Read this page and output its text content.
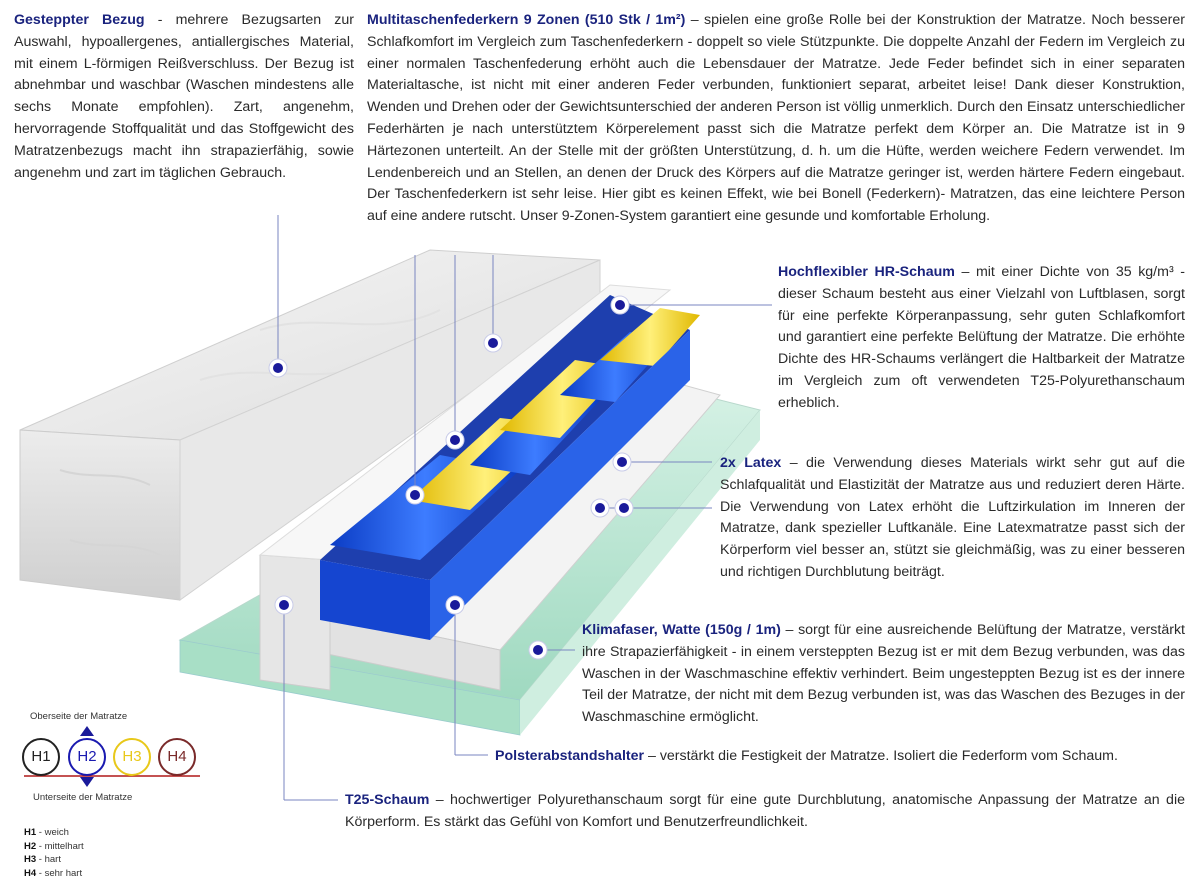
Gesteppter Bezug - mehrere Bezugsarten zur Auswahl, hypoallergenes, antiallergisches Material, mit einem L-förmigen Reißverschluss. Der Bezug ist abnehmbar und waschbar (Waschen mindestens alle sechs Monate empfohlen). Zart, angenehm, hervorragende Stoffqualität und das Stoffgewicht des Matratzenbezugs macht ihn strapazierfähig, sowie angenehm und zart im täglichen Gebrauch.
Multitaschenfederkern 9 Zonen (510 Stk / 1m²) – spielen eine große Rolle bei der Konstruktion der Matratze. Noch besserer Schlafkomfort im Vergleich zum Taschenfederkern - doppelt so viele Stützpunkte. Die doppelte Anzahl der Federn im Vergleich zu einer normalen Taschenfederung erhöht auch die Lebensdauer der Matratze. Jede Feder befindet sich in einer separaten Materialtasche, ist nicht mit einer anderen Feder verbunden, funktioniert separat, arbeitet leise! Dank dieser Konstruktion, Wenden und Drehen oder der Gewichtsunterschied der anderen Person ist völlig unmerklich. Durch den Einsatz unterschiedlicher Federhärten je nach unterstütztem Körperelement passt sich die Matratze perfekt dem Körper an. Die Matratze ist in 9 Härtezonen unterteilt. An der Stelle mit der größten Unterstützung, d. h. um die Hüfte, werden weichere Federn verwendet. Im Lendenbereich und an Stellen, an denen der Druck des Körpers auf die Matratze geringer ist, werden härtere Federn eingebaut. Der Taschenfederkern ist sehr leise. Hier gibt es keinen Effekt, wie bei Bonell (Federkern)- Matratzen, das eine leichtere Person auf eine andere rutscht. Unser 9-Zonen-System garantiert eine gesunde und komfortable Erholung.
Hochflexibler HR-Schaum – mit einer Dichte von 35 kg/m³ - dieser Schaum besteht aus einer Vielzahl von Luftblasen, sorgt für eine perfekte Körperanpassung, sehr guten Schlafkomfort und garantiert eine perfekte Belüftung der Matratze. Die erhöhte Dichte des HR-Schaums verlängert die Haltbarkeit der Matratze im Vergleich zum oft verwendeten T25-Polyurethanschaum erheblich.
2x Latex – die Verwendung dieses Materials wirkt sehr gut auf die Schlafqualität und Elastizität der Matratze aus und reduziert deren Härte. Die Verwendung von Latex erhöht die Luftzirkulation im Inneren der Matratze, dank spezieller Luftkanäle. Eine Latexmatratze passt sich der Körperform viel besser an, stützt sie gleichmäßig, was zu einer besseren und richtigen Durchblutung beiträgt.
Klimafaser, Watte (150g / 1m) – sorgt für eine ausreichende Belüftung der Matratze, verstärkt ihre Strapazierfähigkeit - in einem versteppten Bezug ist er mit dem Bezug verbunden, was das Waschen in der Waschmaschine effektiv verhindert. Beim ungesteppten Bezug ist es der innere Teil der Matratze, der nicht mit dem Bezug verbunden ist, was das Waschen des Bezuges in der Waschmaschine ermöglicht.
Polsterabstandshalter – verstärkt die Festigkeit der Matratze. Isoliert die Federform vom Schaum.
T25-Schaum – hochwertiger Polyurethanschaum sorgt für eine gute Durchblutung, anatomische Anpassung der Matratze an die Körperform. Es stärkt das Gefühl von Komfort und Benutzerfreundlichkeit.
Oberseite der Matratze
H1	H2	H3	H4
Unterseite der Matratze
H1 - weich
H2 - mittelhart
H3 - hart
H4 - sehr hart
